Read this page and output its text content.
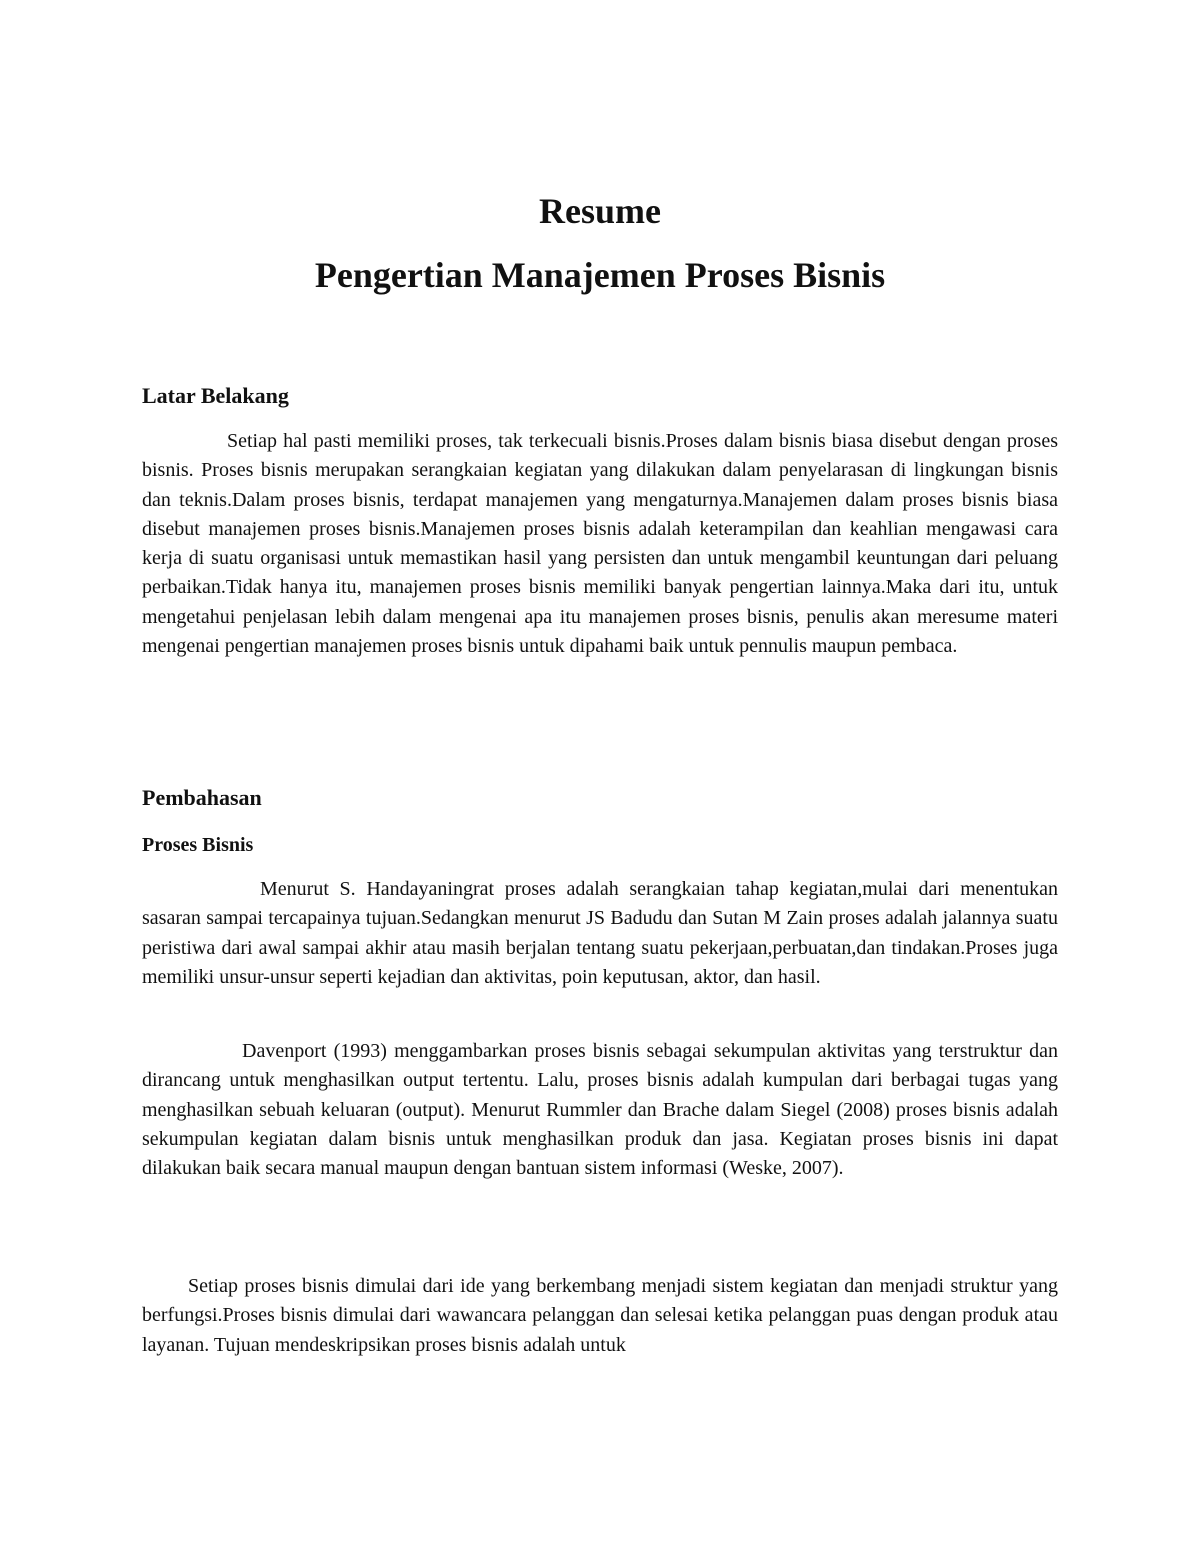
Resume
Pengertian Manajemen Proses Bisnis
Latar Belakang

Setiap hal pasti memiliki proses, tak terkecuali bisnis.Proses dalam bisnis biasa disebut dengan proses bisnis. Proses bisnis merupakan serangkaian kegiatan yang dilakukan dalam penyelarasan di lingkungan bisnis dan teknis.Dalam proses bisnis, terdapat manajemen yang mengaturnya.Manajemen dalam proses bisnis biasa disebut manajemen proses bisnis.Manajemen proses bisnis adalah keterampilan dan keahlian mengawasi cara kerja di suatu organisasi untuk memastikan hasil yang persisten dan untuk mengambil keuntungan dari peluang perbaikan.Tidak hanya itu, manajemen proses bisnis memiliki banyak pengertian lainnya.Maka dari itu, untuk mengetahui penjelasan lebih dalam mengenai apa itu manajemen proses bisnis, penulis akan meresume materi mengenai pengertian manajemen proses bisnis untuk dipahami baik untuk pennulis maupun pembaca.

Pembahasan
Proses Bisnis

Menurut S. Handayaningrat proses adalah serangkaian tahap kegiatan,mulai dari menentukan sasaran sampai tercapainya tujuan.Sedangkan menurut JS Badudu dan Sutan M Zain proses adalah jalannya suatu peristiwa dari awal sampai akhir atau masih berjalan tentang suatu pekerjaan,perbuatan,dan tindakan.Proses juga memiliki unsur-unsur seperti kejadian dan aktivitas, poin keputusan, aktor, dan hasil.

Davenport (1993) menggambarkan proses bisnis sebagai sekumpulan aktivitas yang terstruktur dan dirancang untuk menghasilkan output tertentu. Lalu, proses bisnis adalah kumpulan dari berbagai tugas yang menghasilkan sebuah keluaran (output). Menurut Rummler dan Brache dalam Siegel (2008) proses bisnis adalah sekumpulan kegiatan dalam bisnis untuk menghasilkan produk dan jasa. Kegiatan proses bisnis ini dapat dilakukan baik secara manual maupun dengan bantuan sistem informasi (Weske, 2007).

Setiap proses bisnis dimulai dari ide yang berkembang menjadi sistem kegiatan dan menjadi struktur yang berfungsi.Proses bisnis dimulai dari wawancara pelanggan dan selesai ketika pelanggan puas dengan produk atau layanan. Tujuan mendeskripsikan proses bisnis adalah untuk
